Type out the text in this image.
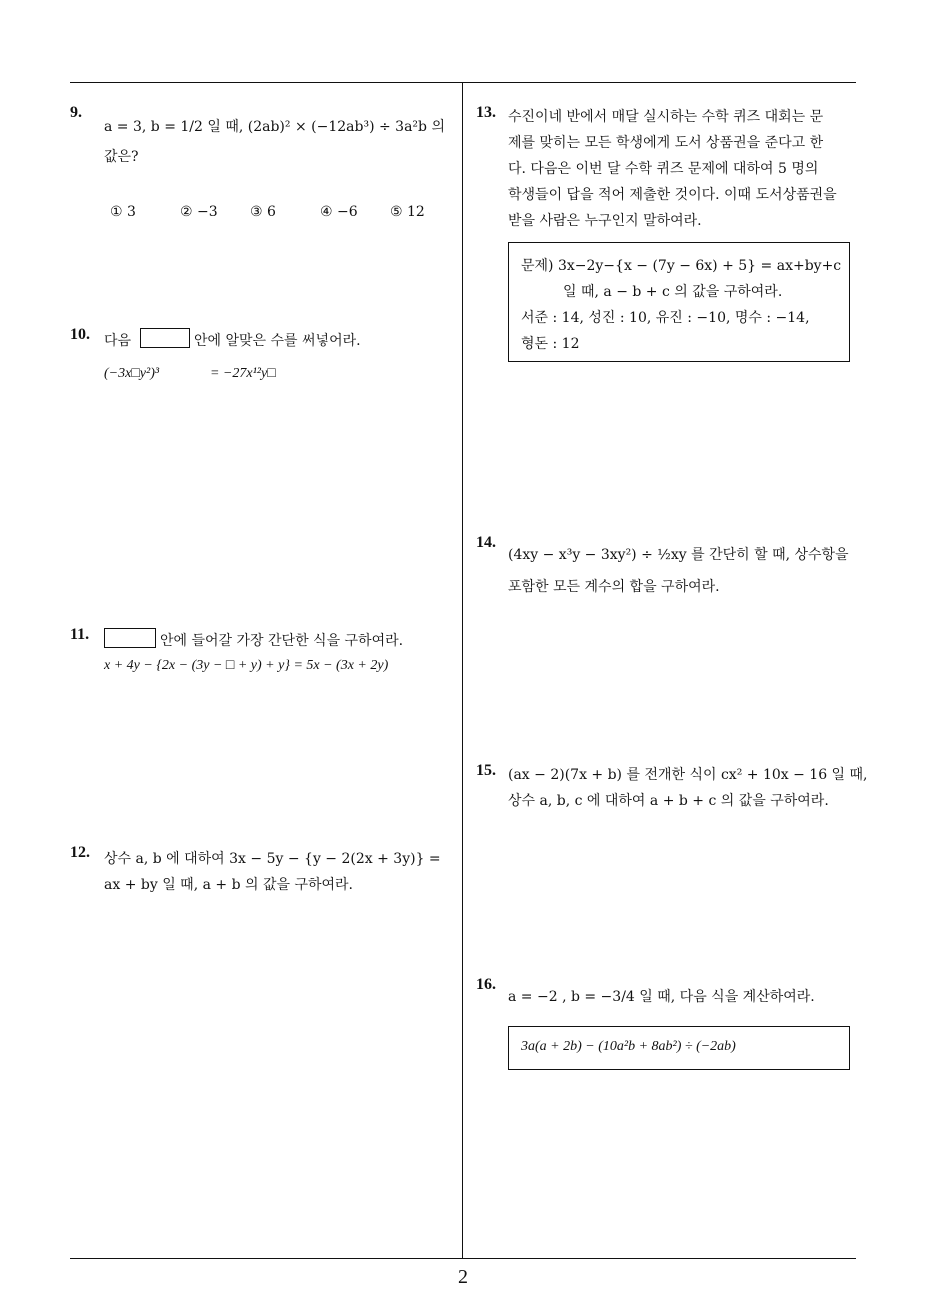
9.
a = 3, b = 1/2 일 때, (2ab)² × (−12ab³) ÷ 3a²b 의
값은?
① 3	② −3 ③ 6	④ −6 ⑤ 12
10. 다음	안에 알맞은 수를 써넣어라.
(−3x□y²)³	= −27x¹²y□
11.	안에 들어갈 가장 간단한 식을 구하여라.
x + 4y − {2x − (3y − □ + y) + y} = 5x − (3x + 2y)
12. 상수 a, b 에 대하여 3x − 5y − {y − 2(2x + 3y)} =
ax + by 일 때, a + b 의 값을 구하여라.
13. 수진이네 반에서 매달 실시하는 수학 퀴즈 대회는 문
제를 맞히는 모든 학생에게 도서 상품권을 준다고 한
다. 다음은 이번 달 수학 퀴즈 문제에 대하여 5 명의
학생들이 답을 적어 제출한 것이다. 이때 도서상품권을
받을 사람은 누구인지 말하여라.
문제) 3x−2y−{x − (7y − 6x) + 5} = ax+by+c
일 때, a − b + c 의 값을 구하여라.
서준 : 14, 성진 : 10, 유진 : −10, 명수 : −14,
형돈 : 12
14.
(4xy − x³y − 3xy²) ÷ ½xy 를 간단히 할 때, 상수항을
포함한 모든 계수의 합을 구하여라.
15. (ax − 2)(7x + b) 를 전개한 식이 cx² + 10x − 16 일 때,
상수 a, b, c 에 대하여 a + b + c 의 값을 구하여라.
16.
a = −2 , b = −3/4 일 때, 다음 식을 계산하여라.
3a(a + 2b) − (10a²b + 8ab²) ÷ (−2ab)
2
